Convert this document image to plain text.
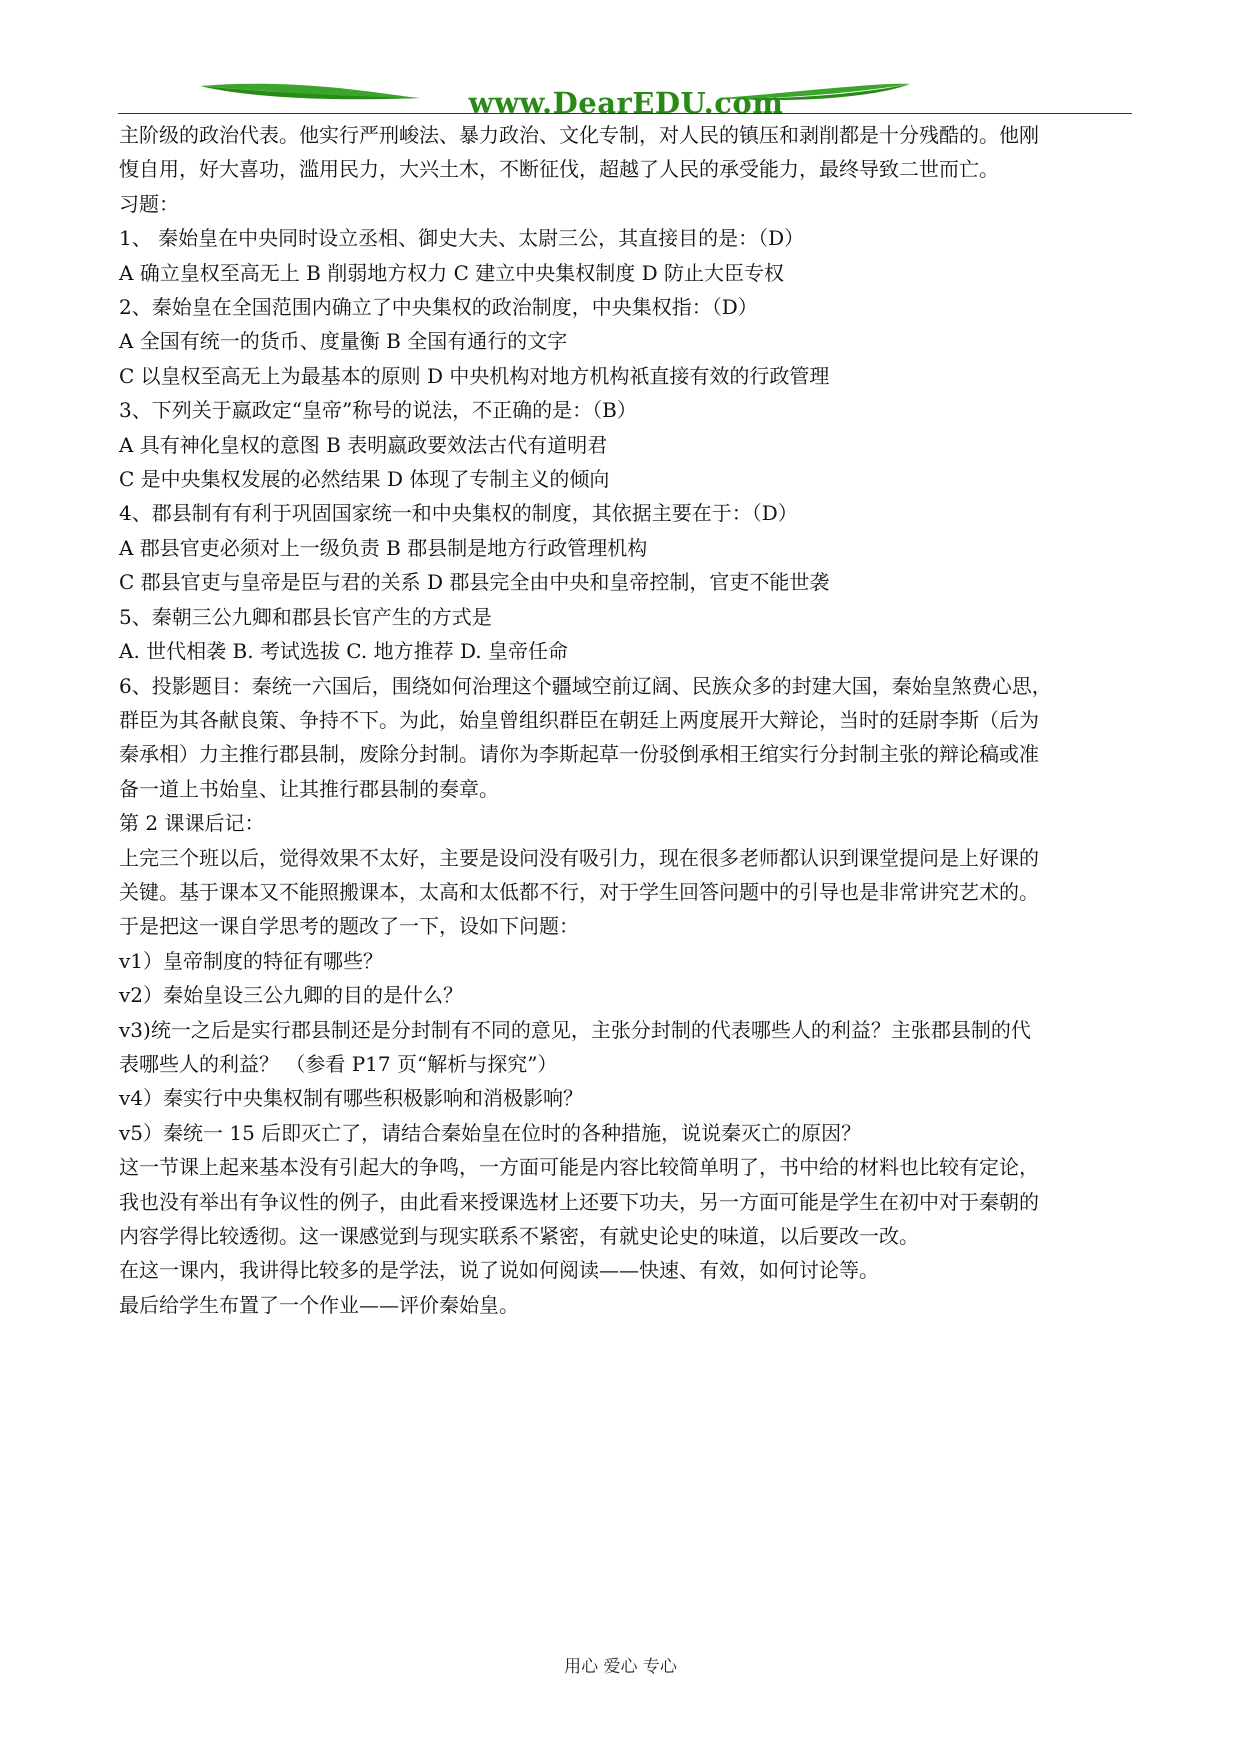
www.DearEDU.com
主阶级的政治代表。他实行严刑峻法、暴力政治、文化专制，对人民的镇压和剥削都是十分残酷的。他刚
愎自用，好大喜功，滥用民力，大兴土木，不断征伐，超越了人民的承受能力，最终导致二世而亡。
习题：
1、 秦始皇在中央同时设立丞相、御史大夫、太尉三公，其直接目的是：（D）
A 确立皇权至高无上 B 削弱地方权力 C 建立中央集权制度 D 防止大臣专权
2、秦始皇在全国范围内确立了中央集权的政治制度，中央集权指：（D）
A 全国有统一的货币、度量衡 B 全国有通行的文字
C 以皇权至高无上为最基本的原则 D 中央机构对地方机构祇直接有效的行政管理
3、下列关于嬴政定“皇帝”称号的说法，不正确的是：（B）
A 具有神化皇权的意图 B 表明嬴政要效法古代有道明君
C 是中央集权发展的必然结果 D 体现了专制主义的倾向
4、郡县制有有利于巩固国家统一和中央集权的制度，其依据主要在于：（D）
A 郡县官吏必须对上一级负责 B 郡县制是地方行政管理机构
C 郡县官吏与皇帝是臣与君的关系 D 郡县完全由中央和皇帝控制，官吏不能世袭
5、秦朝三公九卿和郡县长官产生的方式是
A. 世代相袭 B. 考试选拔 C. 地方推荐 D. 皇帝任命
6、投影题目：秦统一六国后，围绕如何治理这个疆域空前辽阔、民族众多的封建大国，秦始皇煞费心思，
群臣为其各献良策、争持不下。为此，始皇曾组织群臣在朝廷上两度展开大辩论，当时的廷尉李斯（后为
秦承相）力主推行郡县制，废除分封制。请你为李斯起草一份驳倒承相王绾实行分封制主张的辩论稿或准
备一道上书始皇、让其推行郡县制的奏章。
第 2 课课后记：
上完三个班以后，觉得效果不太好，主要是设问没有吸引力，现在很多老师都认识到课堂提问是上好课的
关键。基于课本又不能照搬课本，太高和太低都不行，对于学生回答问题中的引导也是非常讲究艺术的。
于是把这一课自学思考的题改了一下，设如下问题：
v1）皇帝制度的特征有哪些？
v2）秦始皇设三公九卿的目的是什么？
v3)统一之后是实行郡县制还是分封制有不同的意见，主张分封制的代表哪些人的利益？主张郡县制的代
表哪些人的利益？ （参看 P17 页“解析与探究”）
v4）秦实行中央集权制有哪些积极影响和消极影响？
v5）秦统一 15 后即灭亡了，请结合秦始皇在位时的各种措施，说说秦灭亡的原因？
这一节课上起来基本没有引起大的争鸣，一方面可能是内容比较简单明了，书中给的材料也比较有定论，
我也没有举出有争议性的例子，由此看来授课选材上还要下功夫，另一方面可能是学生在初中对于秦朝的
内容学得比较透彻。这一课感觉到与现实联系不紧密，有就史论史的味道，以后要改一改。
在这一课内，我讲得比较多的是学法，说了说如何阅读——快速、有效，如何讨论等。
最后给学生布置了一个作业——评价秦始皇。
用心 爱心 专心
